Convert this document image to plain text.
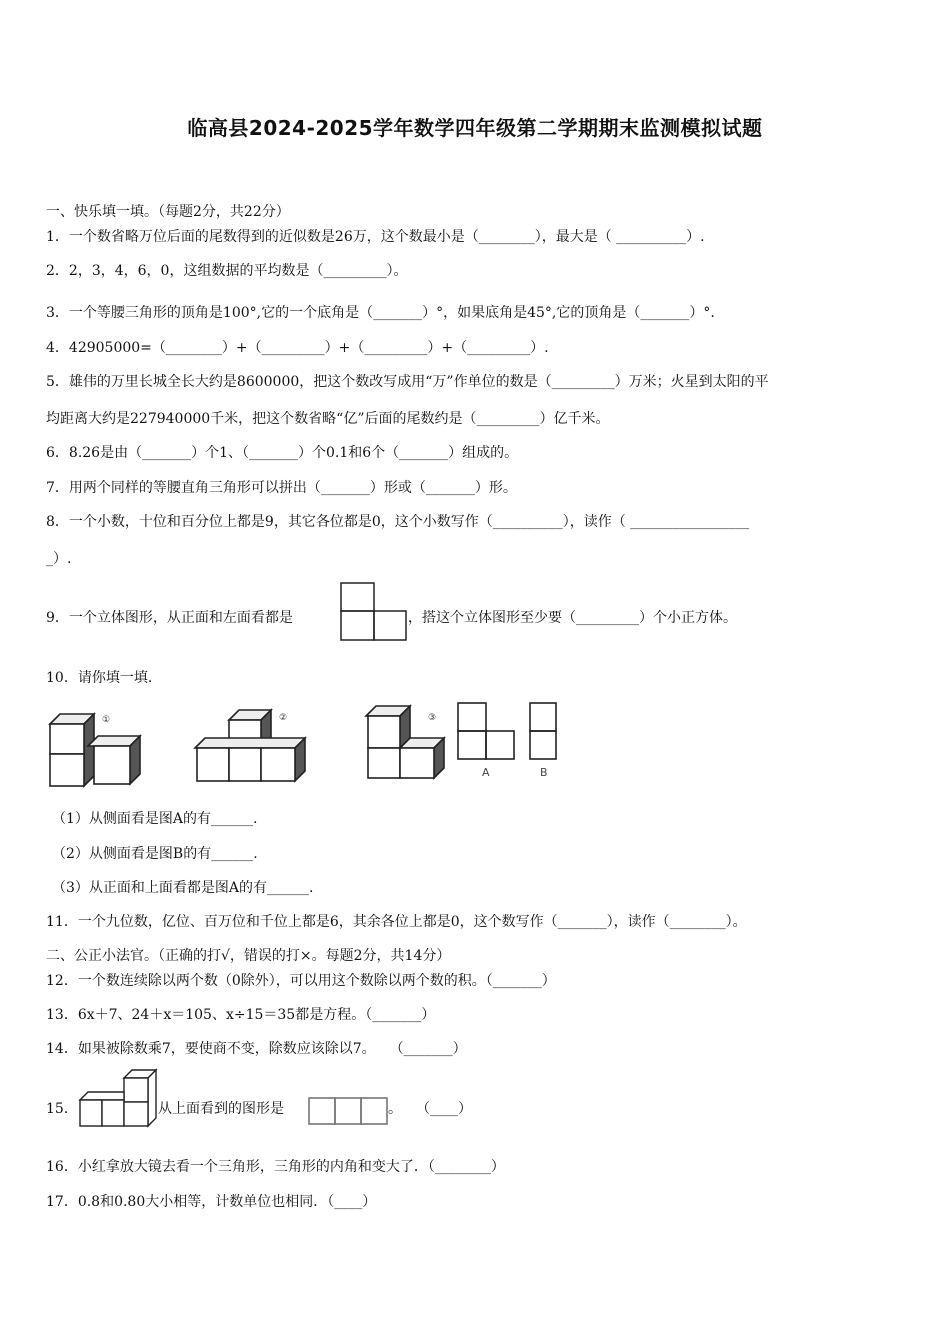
临高县2024-2025学年数学四年级第二学期期末监测模拟试题
一、快乐填一填。（每题2分，共22分）
1．一个数省略万位后面的尾数得到的近似数是26万，这个数最小是（________），最大是（ __________）.
2．2，3，4，6，0，这组数据的平均数是（_________）。
3．一个等腰三角形的顶角是100°,它的一个底角是（_______）°，如果底角是45°,它的顶角是（_______）°.
4．42905000=（________）+（_________）+（_________）+（_________）.
5．雄伟的万里长城全长大约是8600000，把这个数改写成用“万”作单位的数是（_________）万米；火星到太阳的平
均距离大约是227940000千米，把这个数省略“亿”后面的尾数约是（_________）亿千米。
6．8.26是由（_______）个1、（_______）个0.1和6个（_______）组成的。
7．用两个同样的等腰直角三角形可以拼出（_______）形或（_______）形。
8．一个小数，十位和百分位上都是9，其它各位都是0，这个小数写作（__________），读作（ _________________
_）.
9．一个立体图形，从正面和左面看都是	，搭这个立体图形至少要（_________）个小正方体。
10．请你填一填.
①	②	③
A	B
（1）从侧面看是图A的有______.
（2）从侧面看是图B的有______.
（3）从正面和上面看都是图A的有______.
11．一个九位数，亿位、百万位和千位上都是6，其余各位上都是0，这个数写作（_______），读作（________）。
二、公正小法官。（正确的打√，错误的打×。每题2分，共14分）
12．一个数连续除以两个数（0除外），可以用这个数除以两个数的积。（_______）
13．6x＋7、24＋x＝105、x÷15＝35都是方程。（_______）
14．如果被除数乘7，要使商不变，除数应该除以7。　　（_______）
15．	从上面看到的图形是	。　　（____）
16．小红拿放大镜去看一个三角形，三角形的内角和变大了．（________）
17．0.8和0.80大小相等，计数单位也相同．（____）
